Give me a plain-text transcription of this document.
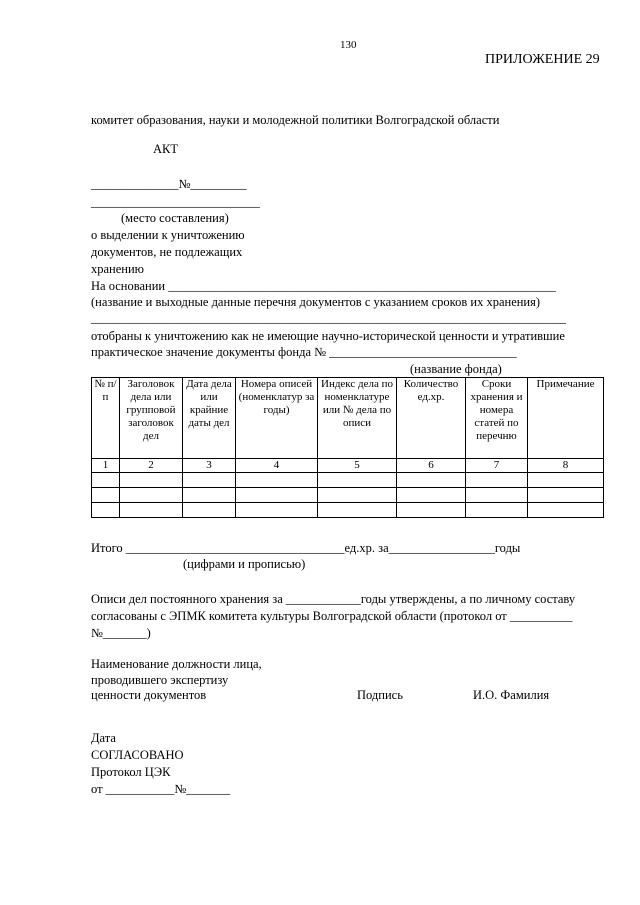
130
ПРИЛОЖЕНИЕ 29
комитет образования, науки и молодежной политики Волгоградской области
АКТ
______________№_________
___________________________
(место составления)
о выделении к уничтожению
документов, не подлежащих
хранению
На основании ______________________________________________________________
(название и выходные данные перечня документов с указанием сроков их хранения)
____________________________________________________________________________
отобраны к уничтожению как не имеющие научно-исторической ценности и утратившие
практическое значение документы фонда № ______________________________
(название фонда)
№ п/п	Заголовок дела или групповой заголовок дел	Дата дела или крайние даты дел	Номера описей (номенклатур за годы)	Индекс дела по номенклатуре или № дела по описи	Количество ед.хр.	Сроки хранения и номера статей по перечню	Примечание
1	2	3	4	5	6	7	8

Итого ___________________________________ед.хр. за_________________годы
(цифрами и прописью)
Описи дел постоянного хранения за ____________годы утверждены, а по личному составу
согласованы с ЭПМК комитета культуры Волгоградской области (протокол от __________
№_______)
Наименование должности лица,
проводившего экспертизу
ценности документов	Подпись	И.О. Фамилия
Дата
СОГЛАСОВАНО
Протокол ЦЭК
от ___________№_______
